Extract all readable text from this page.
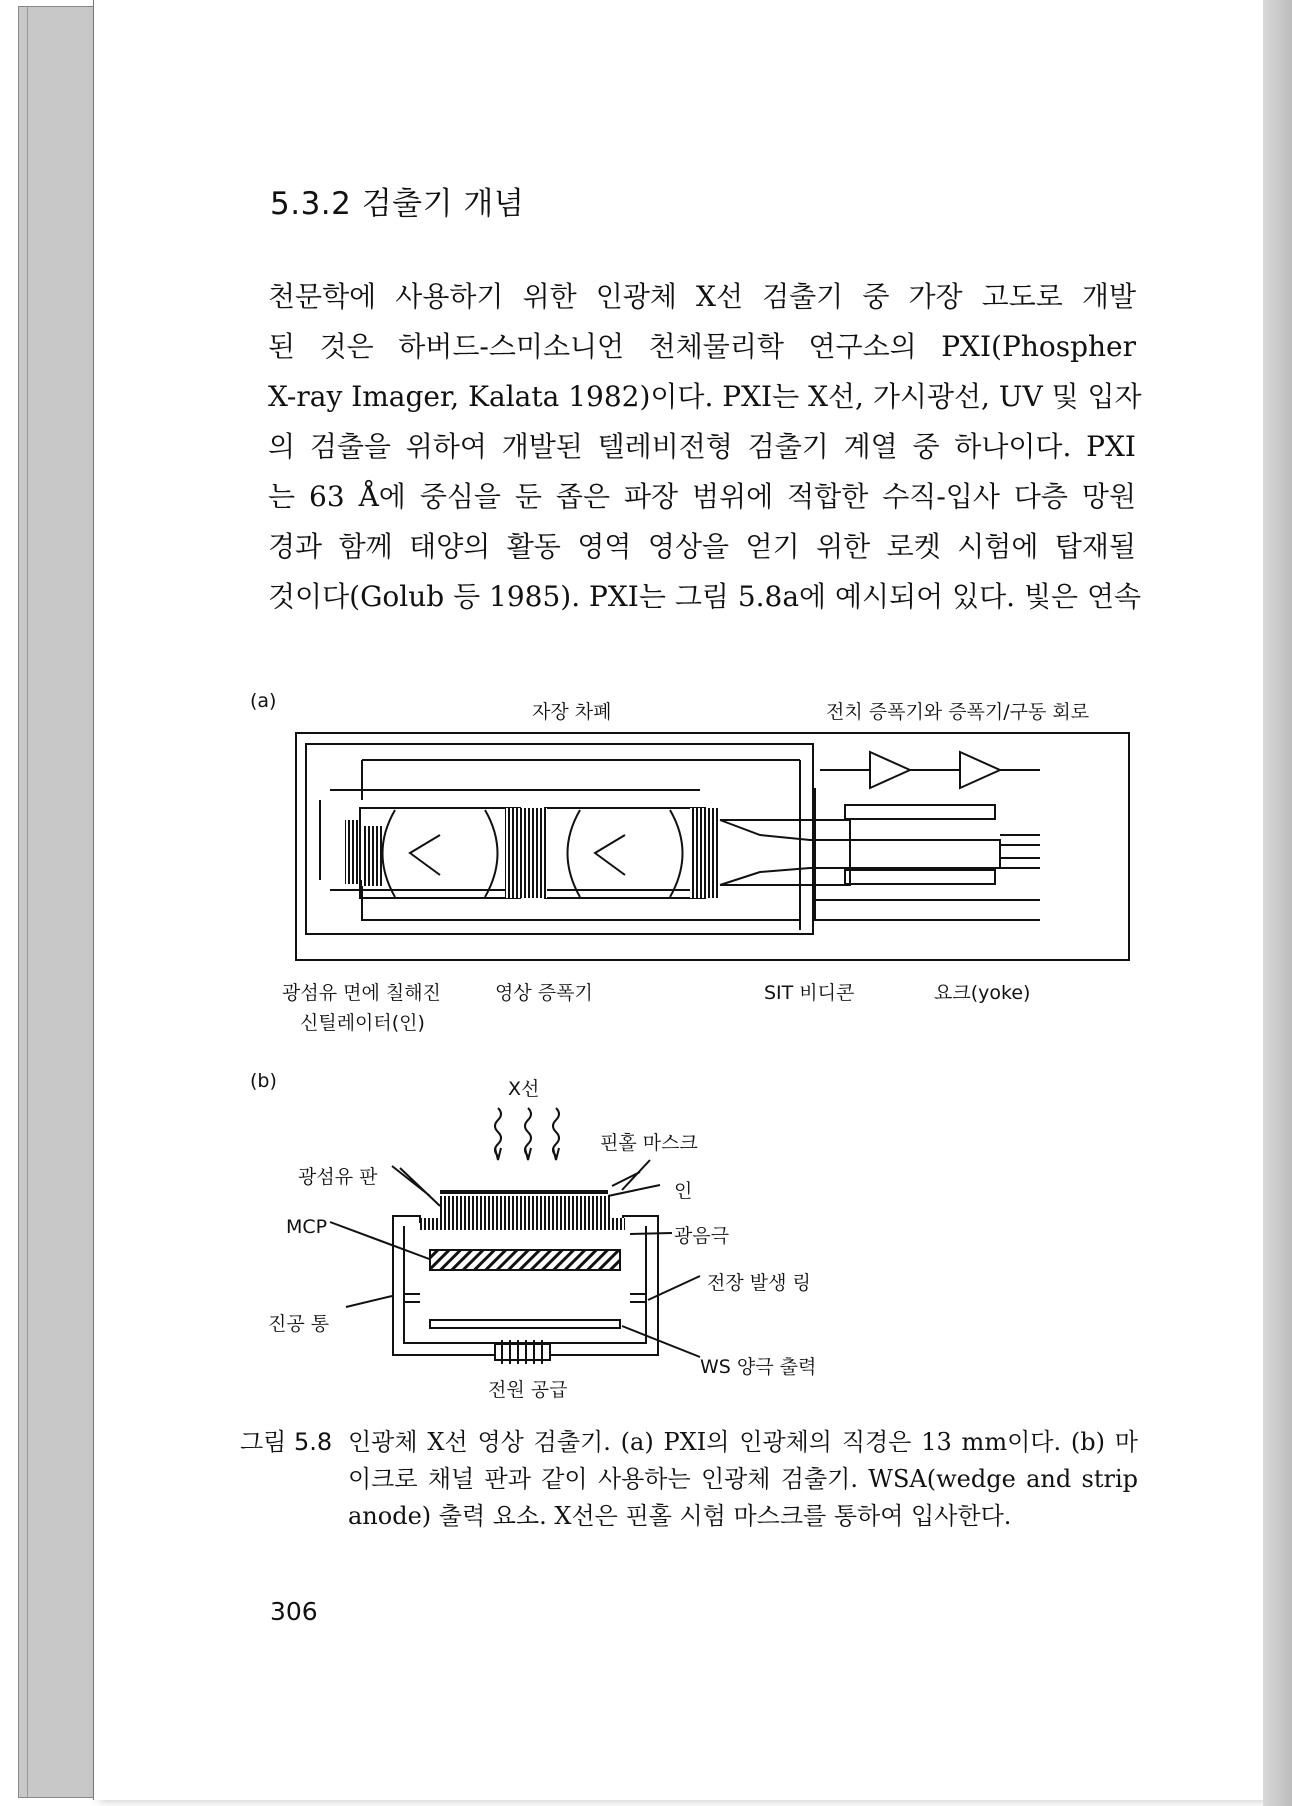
5.3.2 검출기 개념

천문학에 사용하기 위한 인광체 X선 검출기 중 가장 고도로 개발
된 것은 하버드-스미소니언 천체물리학 연구소의 PXI(Phospher
X-ray Imager, Kalata 1982)이다. PXI는 X선, 가시광선, UV 및 입자
의 검출을 위하여 개발된 텔레비전형 검출기 계열 중 하나이다. PXI
는 63 Å에 중심을 둔 좁은 파장 범위에 적합한 수직-입사 다층 망원
경과 함께 태양의 활동 영역 영상을 얻기 위한 로켓 시험에 탑재될
것이다(Golub 등 1985). PXI는 그림 5.8a에 예시되어 있다. 빛은 연속

(a)	자장 차폐	전치 증폭기와 증폭기/구동 회로
광섬유 면에 칠해진
신틸레이터(인)
영상 증폭기	SIT 비디콘	요크(yoke)
(b)	X선
핀홀 마스크
광섬유 판
인
MCP	광음극
전장 발생 링
진공 통
WS 양극 출력
전원 공급
그림 5.8 인광체 X선 영상 검출기. (a) PXI의 인광체의 직경은 13 mm이다. (b) 마
이크로 채널 판과 같이 사용하는 인광체 검출기. WSA(wedge and strip
anode) 출력 요소. X선은 핀홀 시험 마스크를 통하여 입사한다.
306
